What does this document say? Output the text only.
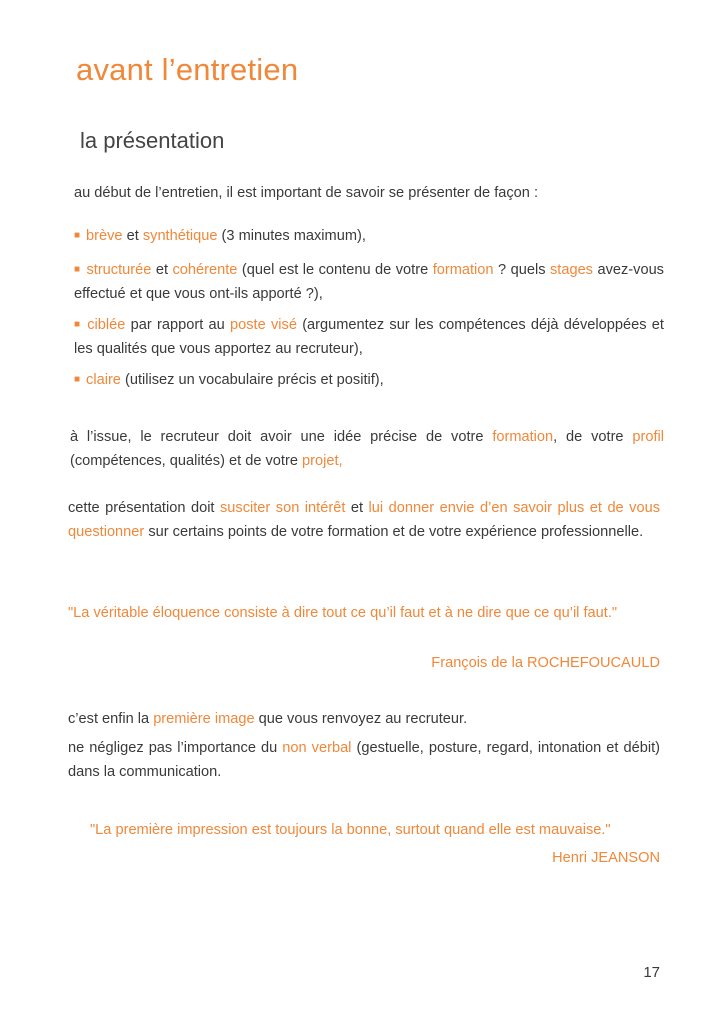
avant l’entretien
la présentation

au début de l’entretien, il est important de savoir se présenter de façon :

■ brève et synthétique (3 minutes maximum),

■ structurée et cohérente (quel est le contenu de votre formation ? quels stages avez-vous effectué et que vous ont-ils apporté ?),

■ ciblée par rapport au poste visé (argumentez sur les compétences déjà développées et les qualités que vous apportez au recruteur),

■ claire (utilisez un vocabulaire précis et positif),

à l’issue, le recruteur doit avoir une idée précise de votre formation, de votre profil (compétences, qualités) et de votre projet,

cette présentation doit susciter son intérêt et lui donner envie d’en savoir plus et de vous questionner sur certains points de votre formation et de votre expérience professionnelle.

"La véritable éloquence consiste à dire tout ce qu’il faut et à ne dire que ce qu’il faut."

François de la ROCHEFOUCAULD

c’est enfin la première image que vous renvoyez au recruteur.

ne négligez pas l’importance du non verbal (gestuelle, posture, regard, intonation et débit) dans la communication.

"La première impression est toujours la bonne, surtout quand elle est mauvaise."

Henri JEANSON

17
